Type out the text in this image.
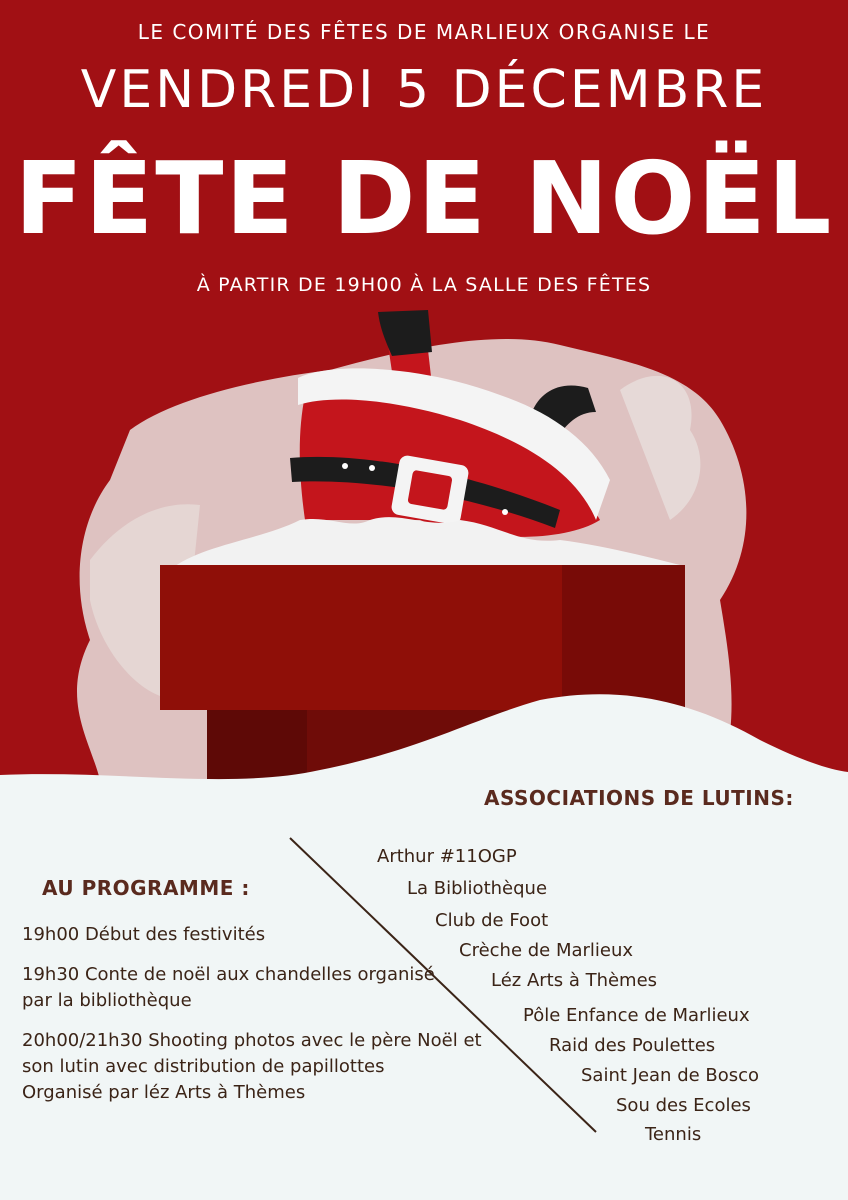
LE COMITÉ DES FÊTES DE MARLIEUX ORGANISE LE
VENDREDI 5 DÉCEMBRE
FÊTE DE NOËL
À PARTIR DE 19H00 À LA SALLE DES FÊTES
ASSOCIATIONS DE LUTINS:
Arthur #11OGP
La Bibliothèque
Club de Foot
Crèche de Marlieux
Léz Arts à Thèmes
Pôle Enfance de Marlieux
Raid des Poulettes
Saint Jean de Bosco
Sou des Ecoles
Tennis
AU PROGRAMME :
19h00 Début des festivités
19h30 Conte de noël aux chandelles organisé par la bibliothèque
20h00/21h30 Shooting photos avec le père Noël et son lutin avec distribution de papillottes
Organisé par léz Arts à Thèmes
